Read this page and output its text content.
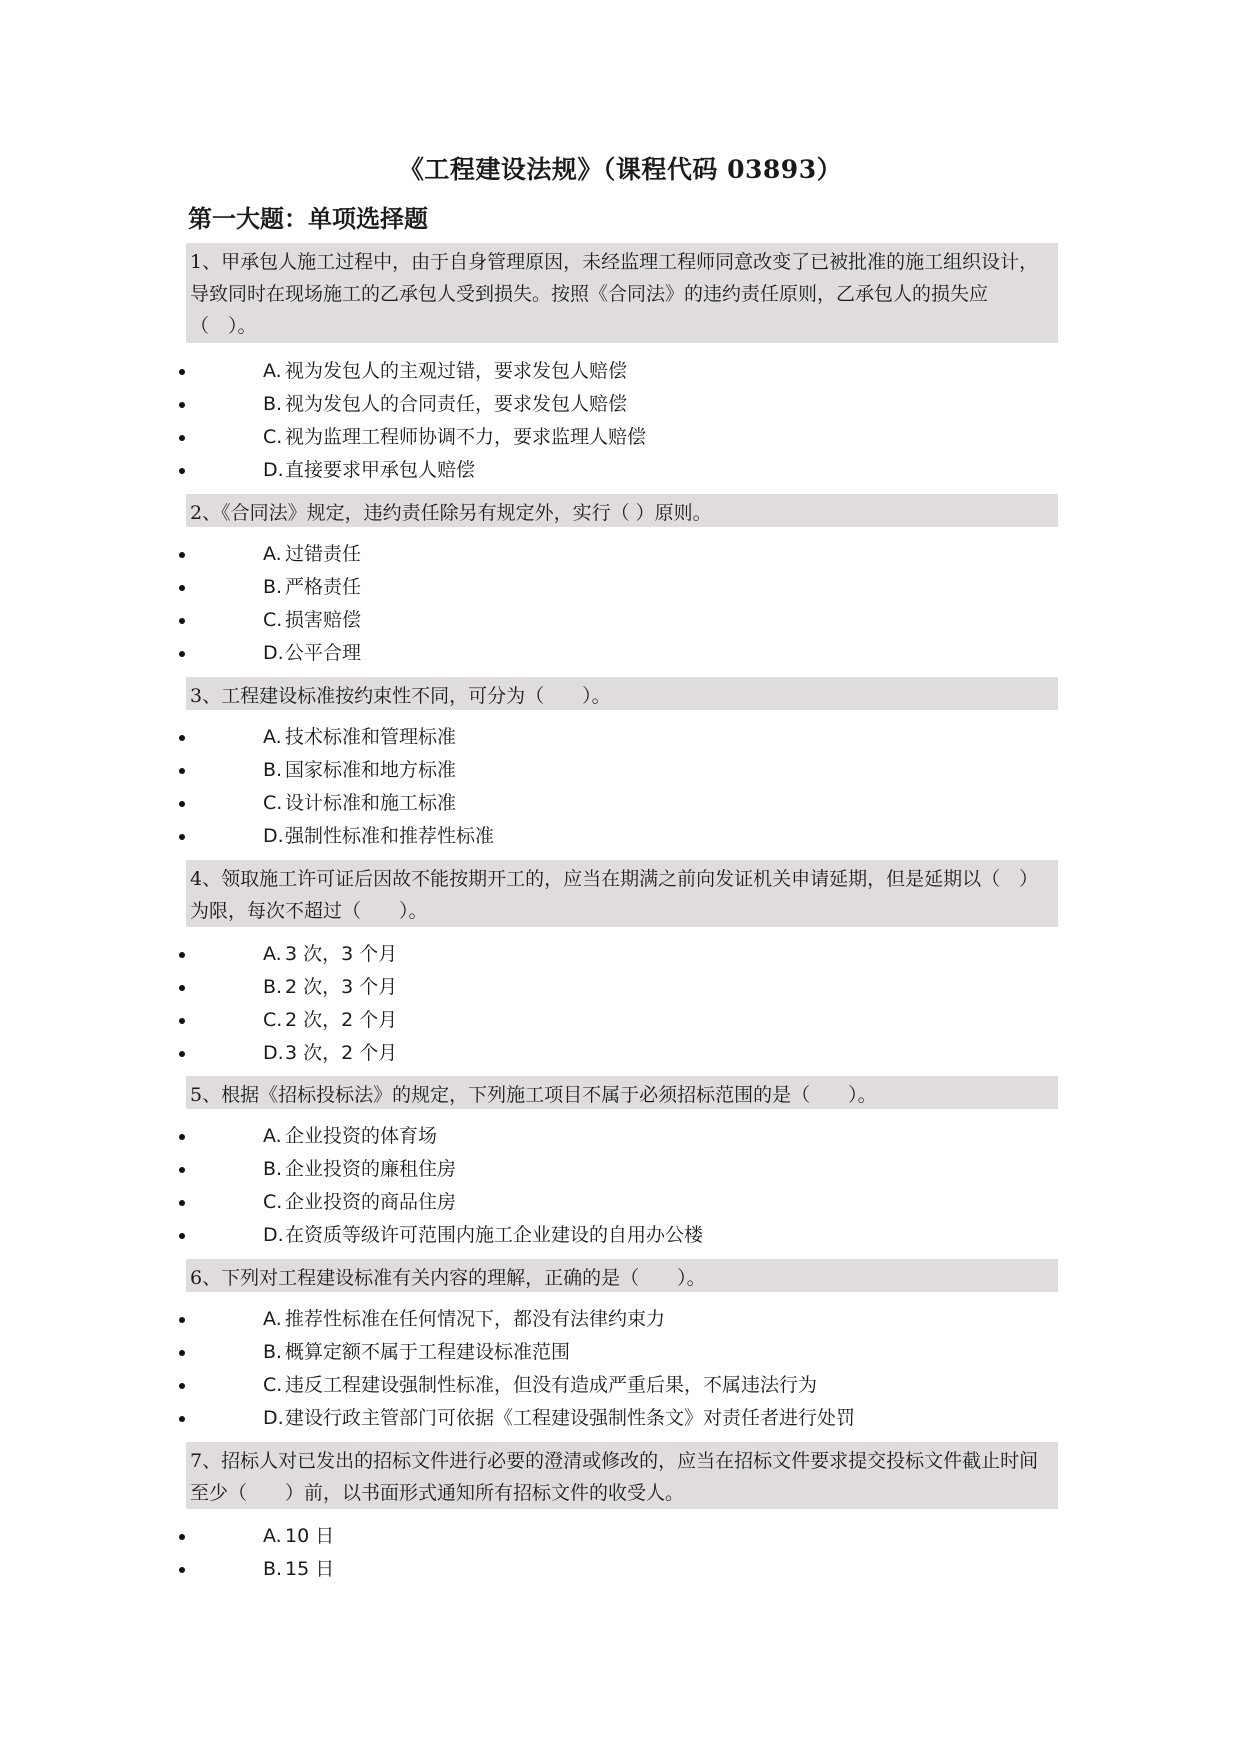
《工程建设法规》（课程代码 03893）
第一大题：单项选择题
1、甲承包人施工过程中，由于自身管理原因，未经监理工程师同意改变了已被批准的施工组织设计，导致同时在现场施工的乙承包人受到损失。按照《合同法》的违约责任原则，乙承包人的损失应（　）。
A. 视为发包人的主观过错，要求发包人赔偿
B. 视为发包人的合同责任，要求发包人赔偿
C. 视为监理工程师协调不力，要求监理人赔偿
D. 直接要求甲承包人赔偿
2、《合同法》规定，违约责任除另有规定外，实行（ ）原则。
A. 过错责任
B. 严格责任
C. 损害赔偿
D. 公平合理
3、工程建设标准按约束性不同，可分为（　　）。
A. 技术标准和管理标准
B. 国家标准和地方标准
C. 设计标准和施工标准
D. 强制性标准和推荐性标准
4、领取施工许可证后因故不能按期开工的，应当在期满之前向发证机关申请延期，但是延期以（　）为限，每次不超过（　　）。
A. 3 次，3 个月
B. 2 次，3 个月
C. 2 次，2 个月
D. 3 次，2 个月
5、根据《招标投标法》的规定，下列施工项目不属于必须招标范围的是（　　）。
A. 企业投资的体育场
B. 企业投资的廉租住房
C. 企业投资的商品住房
D. 在资质等级许可范围内施工企业建设的自用办公楼
6、下列对工程建设标准有关内容的理解，正确的是（　　）。
A. 推荐性标准在任何情况下，都没有法律约束力
B. 概算定额不属于工程建设标准范围
C. 违反工程建设强制性标准，但没有造成严重后果，不属违法行为
D. 建设行政主管部门可依据《工程建设强制性条文》对责任者进行处罚
7、招标人对已发出的招标文件进行必要的澄清或修改的，应当在招标文件要求提交投标文件截止时间至少（　　）前，以书面形式通知所有招标文件的收受人。
A. 10 日
B. 15 日
